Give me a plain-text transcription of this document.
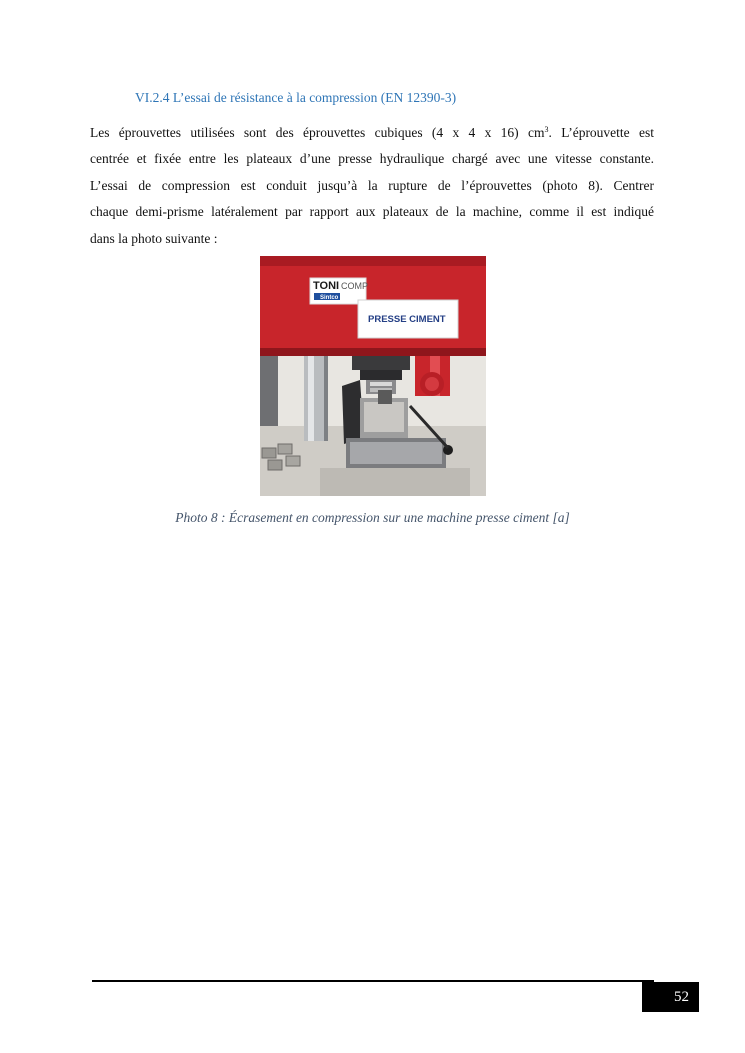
VI.2.4 L’essai de résistance à la compression (EN 12390-3)

Les éprouvettes utilisées sont des éprouvettes cubiques (4 x 4 x 16) $cm^3$. L’éprouvette est
centrée et fixée entre les plateaux d’une presse hydraulique chargé avec une vitesse constante.
L’essai de compression est conduit jusqu’à la rupture de l’éprouvettes (photo 8). Centrer
chaque demi-prisme latéralement par rapport aux plateaux de la machine, comme il est indiqué
dans la photo suivante :

TONI COMP
Sintco
PRESSE CIMENT
Photo 8 : Écrasement en compression sur une machine presse ciment [a]
52
